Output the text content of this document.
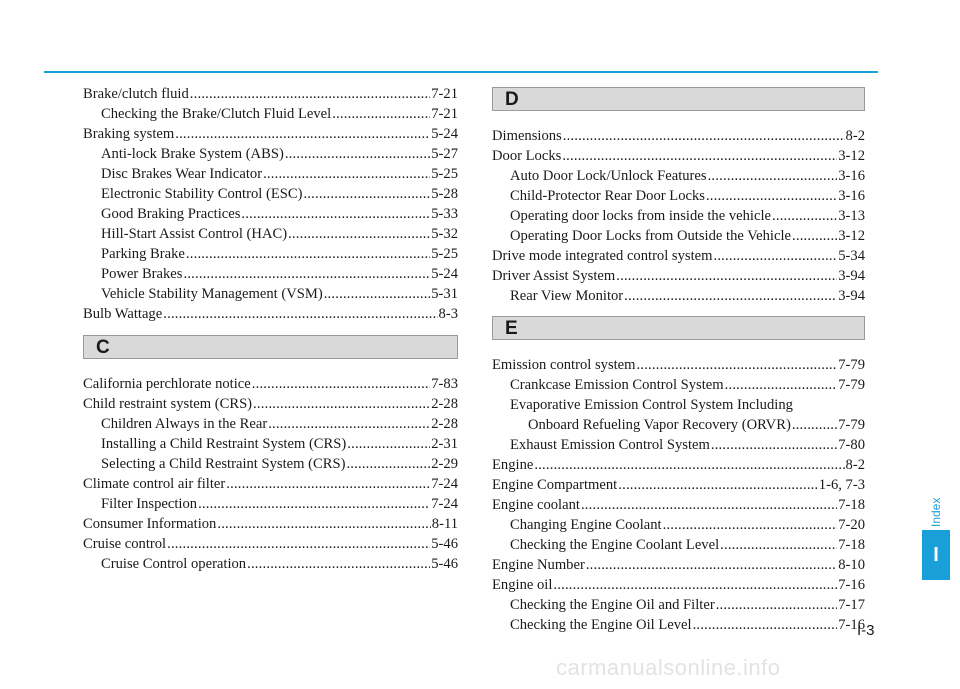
Brake/clutch fluid .....	7-21
Checking the Brake/Clutch Fluid Level .....	7-21
Braking system .....	5-24
Anti-lock Brake System (ABS) .....	5-27
Disc Brakes Wear Indicator .....	5-25
Electronic Stability Control (ESC) .....	5-28
Good Braking Practices .....	5-33
Hill-Start Assist Control (HAC) .....	5-32
Parking Brake .....	5-25
Power Brakes .....	5-24
Vehicle Stability Management (VSM) .....	5-31
Bulb Wattage .....	8-3
C
California perchlorate notice .....	7-83
Child restraint system (CRS) .....	2-28
Children Always in the Rear .....	2-28
Installing a Child Restraint System (CRS) .....	2-31
Selecting a Child Restraint System (CRS) .....	2-29
Climate control air filter .....	7-24
Filter Inspection .....	7-24
Consumer Information .....	8-11
Cruise control .....	5-46
Cruise Control operation .....	5-46
D
Dimensions .....	8-2
Door Locks .....	3-12
Auto Door Lock/Unlock Features .....	3-16
Child-Protector Rear Door Locks .....	3-16
Operating door locks from inside the vehicle .....	3-13
Operating Door Locks from Outside the Vehicle .....	3-12
Drive mode integrated control system .....	5-34
Driver Assist System .....	3-94
Rear View Monitor .....	3-94
E
Emission control system .....	7-79
Crankcase Emission Control System .....	7-79
Evaporative Emission Control System Including
Onboard Refueling Vapor Recovery (ORVR) .....	7-79
Exhaust Emission Control System .....	7-80
Engine .....	8-2
Engine Compartment .....	1-6, 7-3
Engine coolant .....	7-18
Changing Engine Coolant .....	7-20
Checking the Engine Coolant Level .....	7-18
Engine Number .....	8-10
Engine oil .....	7-16
Checking the Engine Oil and Filter .....	7-17
Checking the Engine Oil Level .....	7-16
Index
I
I-3
carmanualsonline.info
